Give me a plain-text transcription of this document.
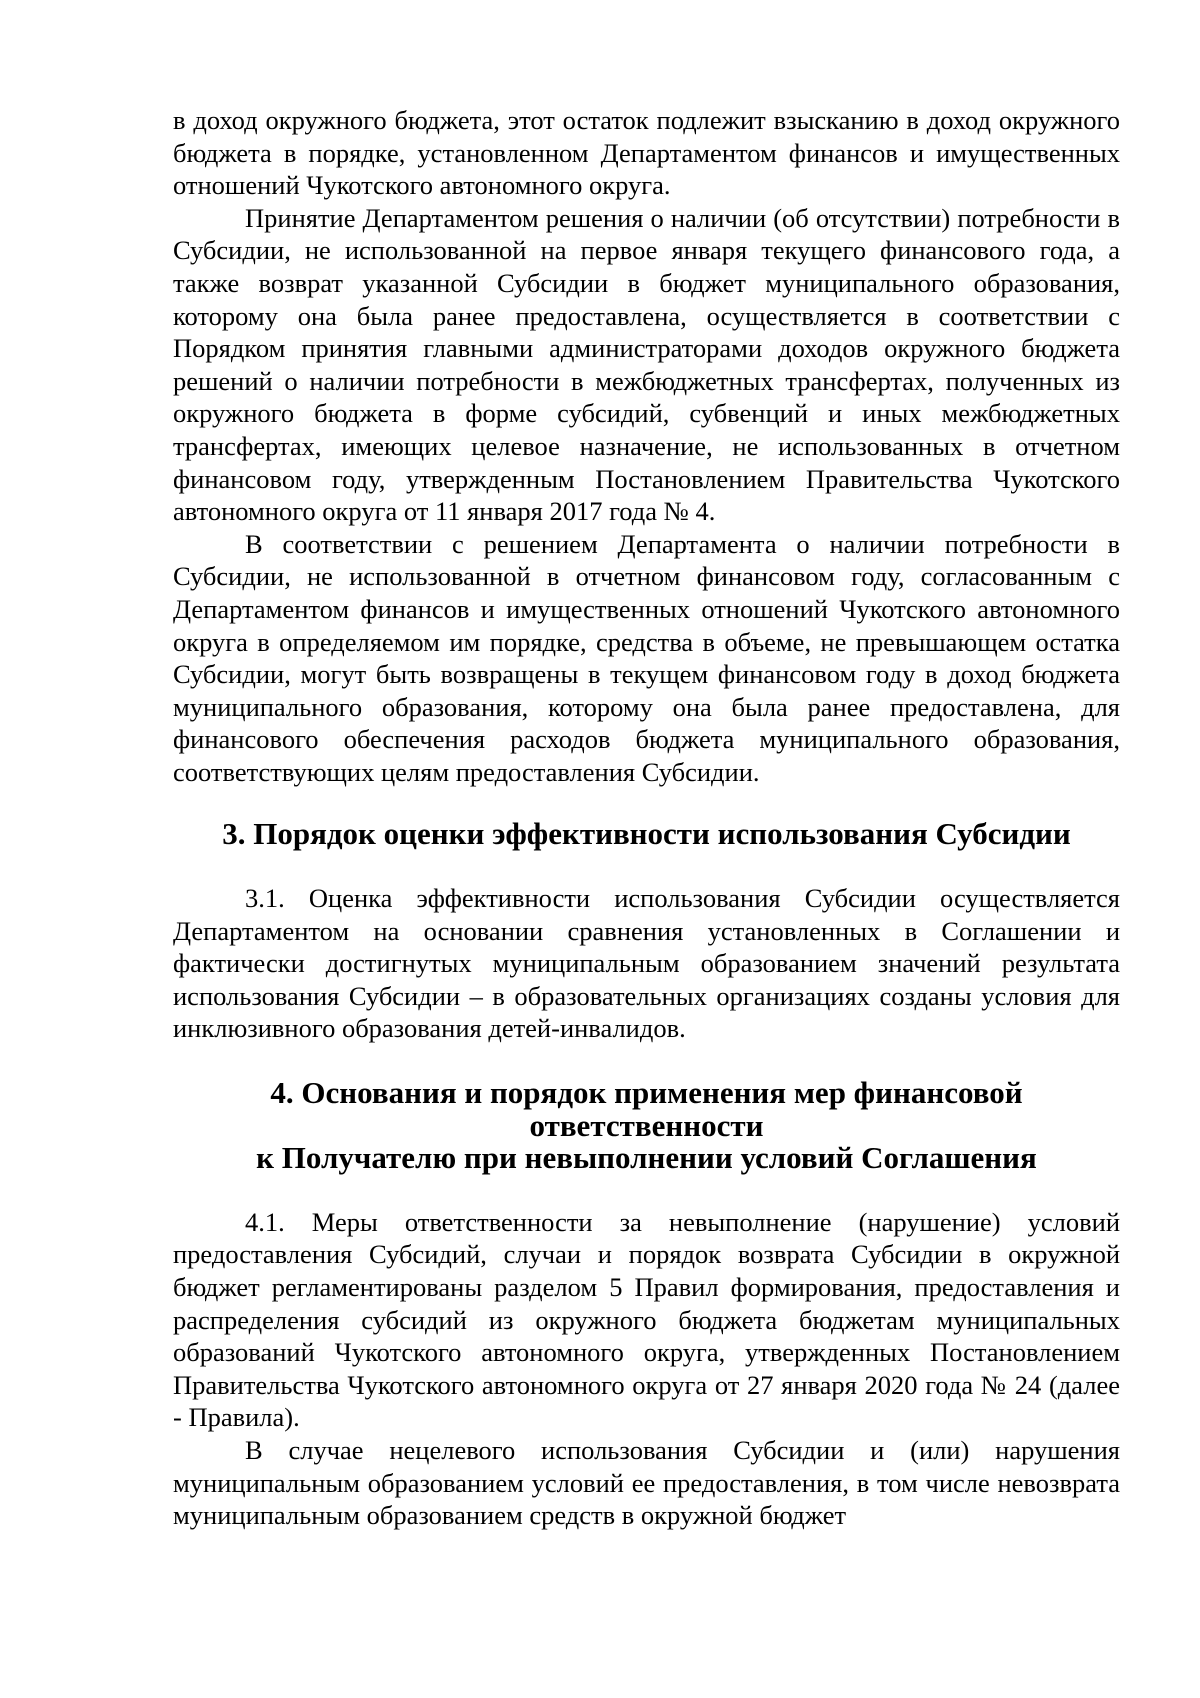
в доход окружного бюджета, этот остаток подлежит взысканию в доход окружного бюджета в порядке, установленном Департаментом финансов и имущественных отношений Чукотского автономного округа.

Принятие Департаментом решения о наличии (об отсутствии) потребности в Субсидии, не использованной на первое января текущего финансового года, а также возврат указанной Субсидии в бюджет муниципального образования, которому она была ранее предоставлена, осуществляется в соответствии с Порядком принятия главными администраторами доходов окружного бюджета решений о наличии потребности в межбюджетных трансфертах, полученных из окружного бюджета в форме субсидий, субвенций и иных межбюджетных трансфертах, имеющих целевое назначение, не использованных в отчетном финансовом году, утвержденным Постановлением Правительства Чукотского автономного округа от 11 января 2017 года № 4.

В соответствии с решением Департамента о наличии потребности в Субсидии, не использованной в отчетном финансовом году, согласованным с Департаментом финансов и имущественных отношений Чукотского автономного округа в определяемом им порядке, средства в объеме, не превышающем остатка Субсидии, могут быть возвращены в текущем финансовом году в доход бюджета муниципального образования, которому она была ранее предоставлена, для финансового обеспечения расходов бюджета муниципального образования, соответствующих целям предоставления Субсидии.

3. Порядок оценки эффективности использования Субсидии

3.1. Оценка эффективности использования Субсидии осуществляется Департаментом на основании сравнения установленных в Соглашении и фактически достигнутых муниципальным образованием значений результата использования Субсидии – в образовательных организациях созданы условия для инклюзивного образования детей-инвалидов.

4. Основания и порядок применения мер финансовой ответственности
к Получателю при невыполнении условий Соглашения

4.1. Меры ответственности за невыполнение (нарушение) условий предоставления Субсидий, случаи и порядок возврата Субсидии в окружной бюджет регламентированы разделом 5 Правил формирования, предоставления и распределения субсидий из окружного бюджета бюджетам муниципальных образований Чукотского автономного округа, утвержденных Постановлением Правительства Чукотского автономного округа от 27 января 2020 года № 24 (далее - Правила).

В случае нецелевого использования Субсидии и (или) нарушения муниципальным образованием условий ее предоставления, в том числе невозврата муниципальным образованием средств в окружной бюджет
